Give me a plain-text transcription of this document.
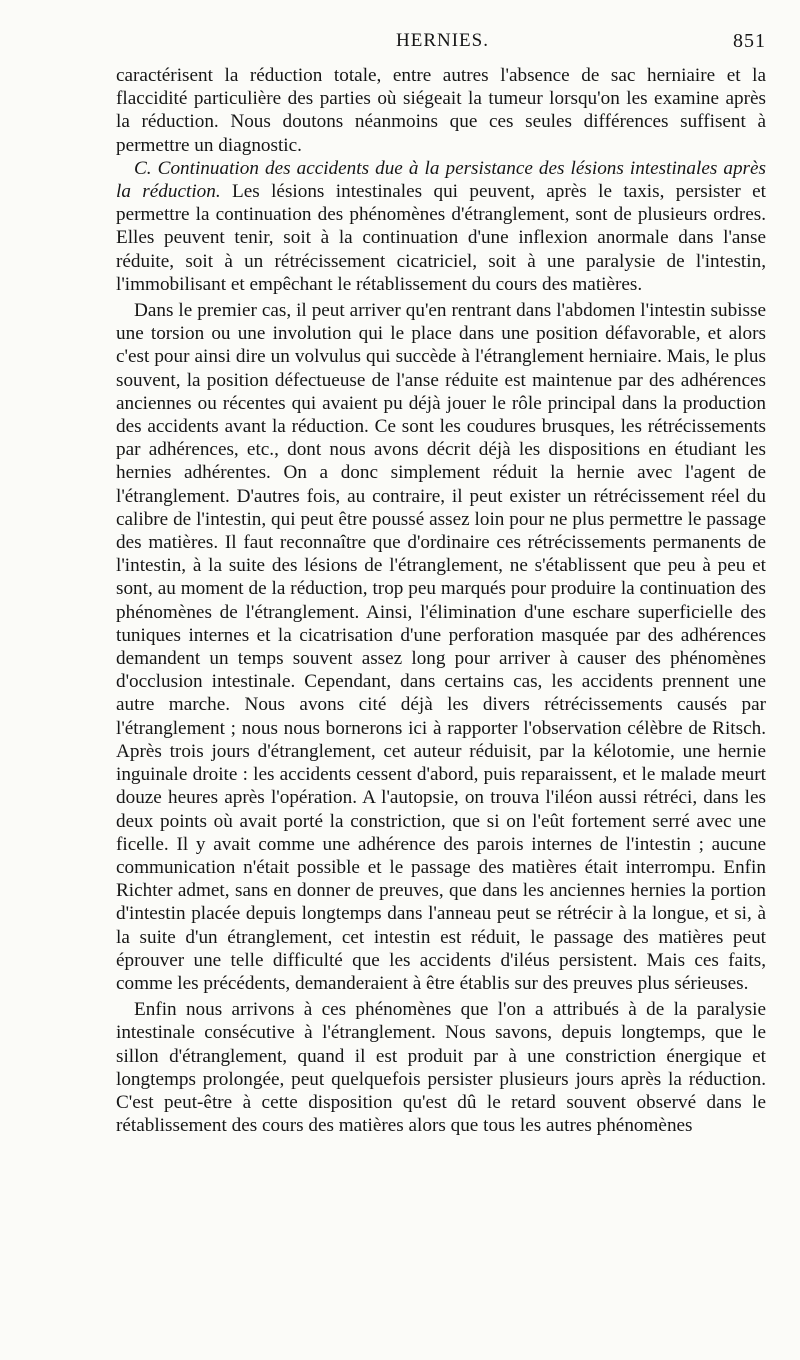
HERNIES.	851

caractérisent la réduction totale, entre autres l'absence de sac herniaire et la flaccidité particulière des parties où siégeait la tumeur lorsqu'on les examine après la réduction. Nous doutons néanmoins que ces seules différences suffisent à permettre un diagnostic.

C. Continuation des accidents due à la persistance des lésions intestinales après la réduction. Les lésions intestinales qui peuvent, après le taxis, persister et permettre la continuation des phénomènes d'étranglement, sont de plusieurs ordres. Elles peuvent tenir, soit à la continuation d'une inflexion anormale dans l'anse réduite, soit à un rétrécissement cicatriciel, soit à une paralysie de l'intestin, l'immobilisant et empêchant le rétablissement du cours des matières.

Dans le premier cas, il peut arriver qu'en rentrant dans l'abdomen l'intestin subisse une torsion ou une involution qui le place dans une position défavorable, et alors c'est pour ainsi dire un volvulus qui succède à l'étranglement herniaire. Mais, le plus souvent, la position défectueuse de l'anse réduite est maintenue par des adhérences anciennes ou récentes qui avaient pu déjà jouer le rôle principal dans la production des accidents avant la réduction. Ce sont les coudures brusques, les rétrécissements par adhérences, etc., dont nous avons décrit déjà les dispositions en étudiant les hernies adhérentes. On a donc simplement réduit la hernie avec l'agent de l'étranglement. D'autres fois, au contraire, il peut exister un rétrécissement réel du calibre de l'intestin, qui peut être poussé assez loin pour ne plus permettre le passage des matières. Il faut reconnaître que d'ordinaire ces rétrécissements permanents de l'intestin, à la suite des lésions de l'étranglement, ne s'établissent que peu à peu et sont, au moment de la réduction, trop peu marqués pour produire la continuation des phénomènes de l'étranglement. Ainsi, l'élimination d'une eschare superficielle des tuniques internes et la cicatrisation d'une perforation masquée par des adhérences demandent un temps souvent assez long pour arriver à causer des phénomènes d'occlusion intestinale. Cependant, dans certains cas, les accidents prennent une autre marche. Nous avons cité déjà les divers rétrécissements causés par l'étranglement ; nous nous bornerons ici à rapporter l'observation célèbre de Ritsch. Après trois jours d'étranglement, cet auteur réduisit, par la kélotomie, une hernie inguinale droite : les accidents cessent d'abord, puis reparaissent, et le malade meurt douze heures après l'opération. A l'autopsie, on trouva l'iléon aussi rétréci, dans les deux points où avait porté la constriction, que si on l'eût fortement serré avec une ficelle. Il y avait comme une adhérence des parois internes de l'intestin ; aucune communication n'était possible et le passage des matières était interrompu. Enfin Richter admet, sans en donner de preuves, que dans les anciennes hernies la portion d'intestin placée depuis longtemps dans l'anneau peut se rétrécir à la longue, et si, à la suite d'un étranglement, cet intestin est réduit, le passage des matières peut éprouver une telle difficulté que les accidents d'iléus persistent. Mais ces faits, comme les précédents, demanderaient à être établis sur des preuves plus sérieuses.

Enfin nous arrivons à ces phénomènes que l'on a attribués à de la paralysie intestinale consécutive à l'étranglement. Nous savons, depuis longtemps, que le sillon d'étranglement, quand il est produit par à une constriction énergique et longtemps prolongée, peut quelquefois persister plusieurs jours après la réduction. C'est peut-être à cette disposition qu'est dû le retard souvent observé dans le rétablissement des cours des matières alors que tous les autres phénomènes
